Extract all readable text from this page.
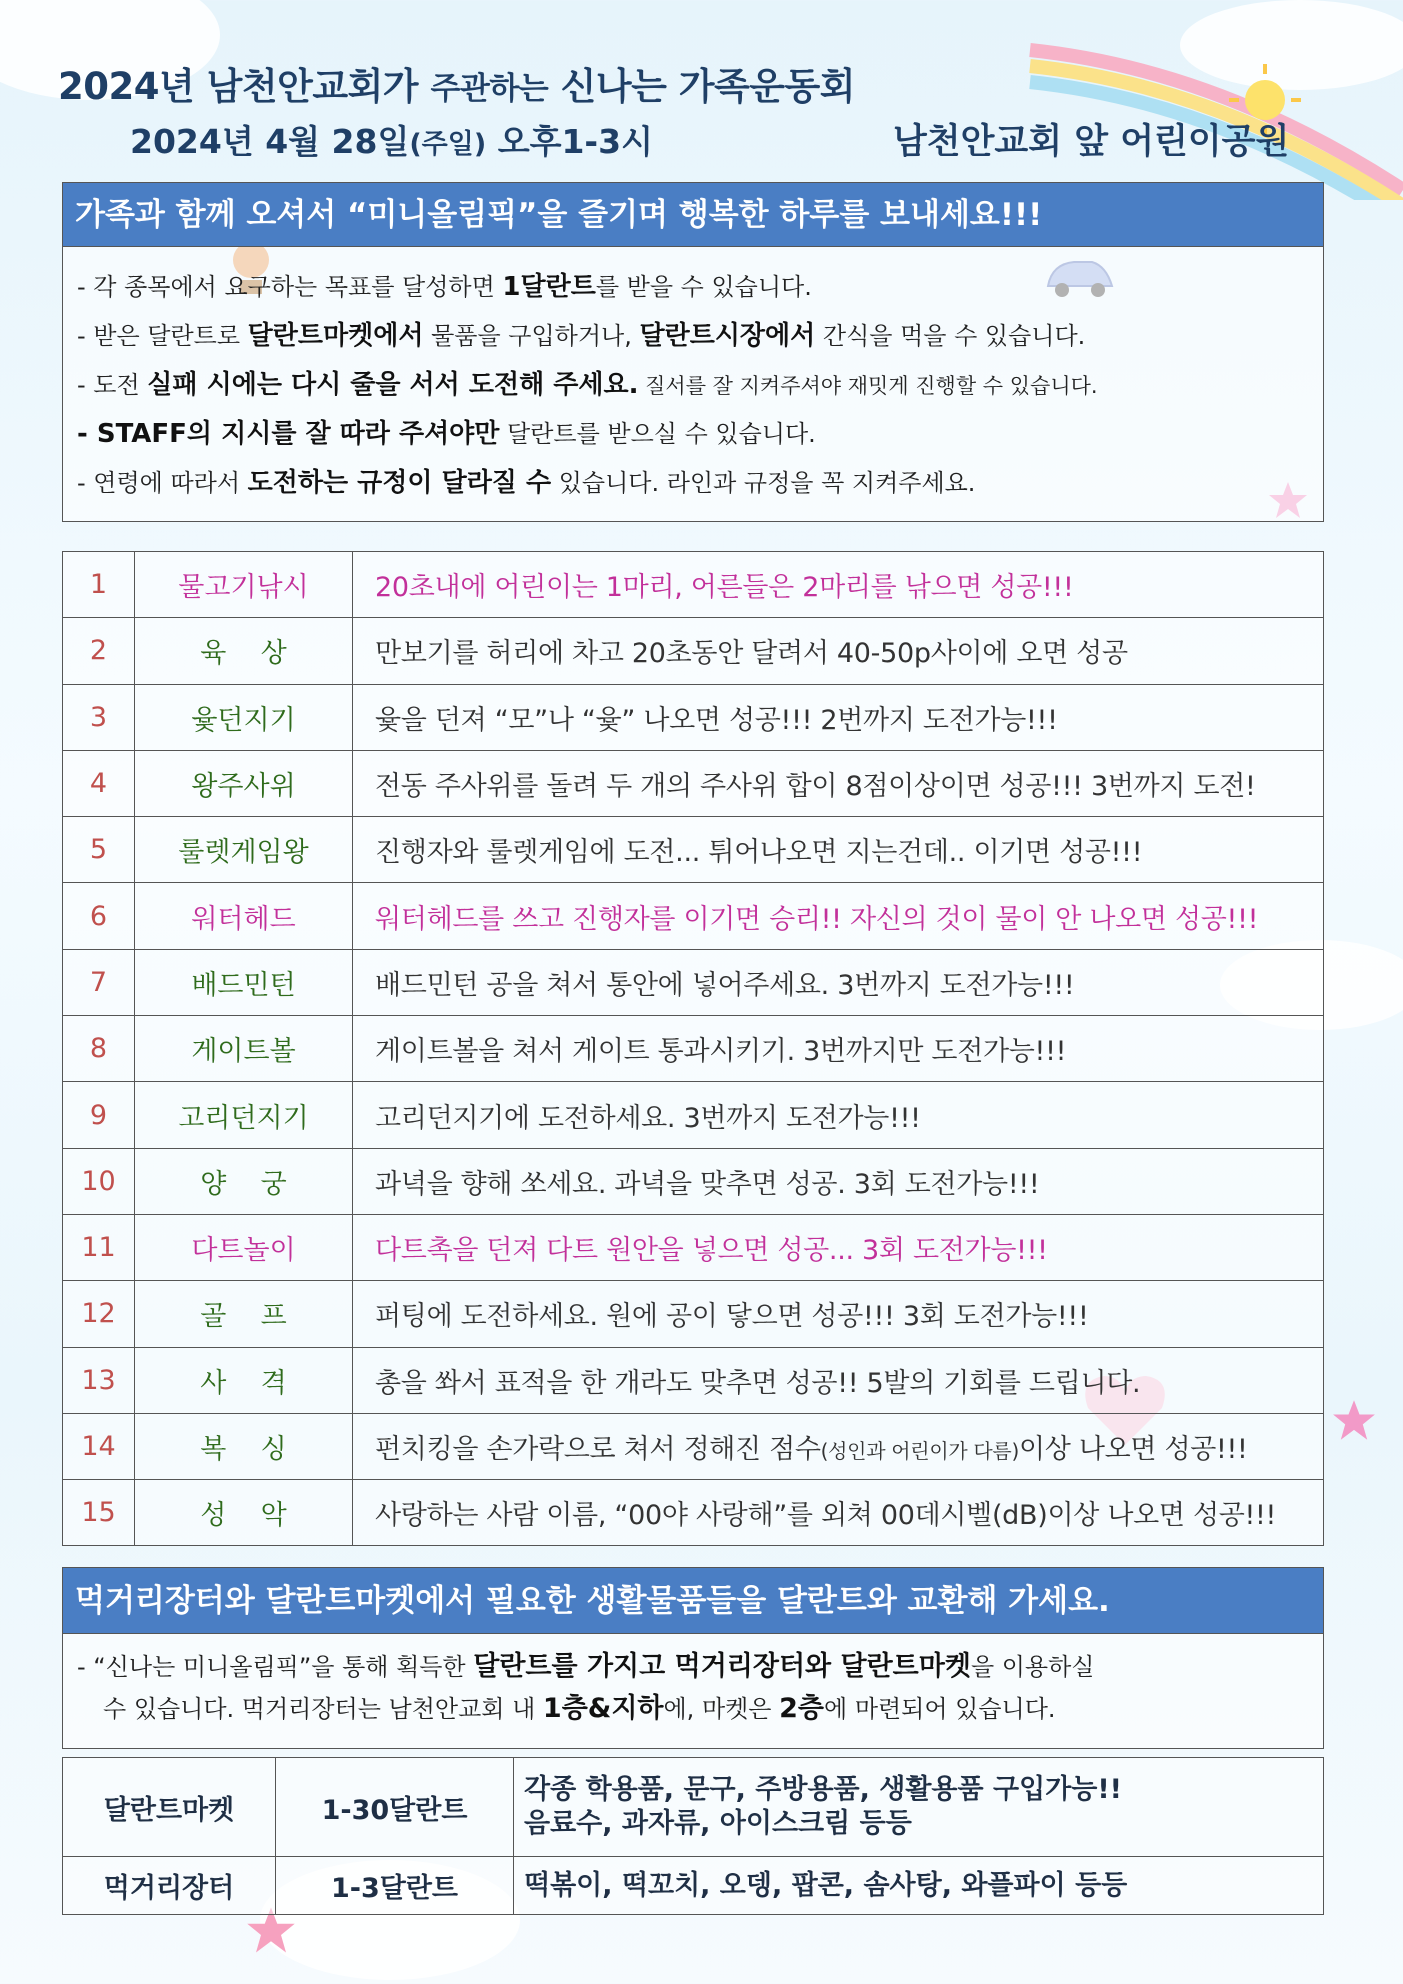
2024년 남천안교회가 주관하는 신나는 가족운동회
2024년 4월 28일(주일) 오후1-3시	남천안교회 앞 어린이공원
가족과 함께 오셔서 “미니올림픽”을 즐기며 행복한 하루를 보내세요!!!
- 각 종목에서 요구하는 목표를 달성하면 1달란트를 받을 수 있습니다.
- 받은 달란트로 달란트마켓에서 물품을 구입하거나, 달란트시장에서 간식을 먹을 수 있습니다.
- 도전 실패 시에는 다시 줄을 서서 도전해 주세요. 질서를 잘 지켜주셔야 재밋게 진행할 수 있습니다.
- STAFF의 지시를 잘 따라 주셔야만 달란트를 받으실 수 있습니다.
- 연령에 따라서 도전하는 규정이 달라질 수 있습니다. 라인과 규정을 꼭 지켜주세요.
1	물고기낚시	20초내에 어린이는 1마리, 어른들은 2마리를 낚으면 성공!!!
2	육    상	만보기를 허리에 차고 20초동안 달려서 40-50p사이에 오면 성공
3	윷던지기	윷을 던져 “모”나 “윷” 나오면 성공!!! 2번까지 도전가능!!!
4	왕주사위	전동 주사위를 돌려 두 개의 주사위 합이 8점이상이면 성공!!! 3번까지 도전!
5	룰렛게임왕	진행자와 룰렛게임에 도전... 튀어나오면 지는건데.. 이기면 성공!!!
6	워터헤드	워터헤드를 쓰고 진행자를 이기면 승리!! 자신의 것이 물이 안 나오면 성공!!!
7	배드민턴	배드민턴 공을 쳐서 통안에 넣어주세요. 3번까지 도전가능!!!
8	게이트볼	게이트볼을 쳐서 게이트 통과시키기. 3번까지만 도전가능!!!
9	고리던지기	고리던지기에 도전하세요. 3번까지 도전가능!!!
10	양    궁	과녁을 향해 쏘세요. 과녁을 맞추면 성공. 3회 도전가능!!!
11	다트놀이	다트촉을 던져 다트 원안을 넣으면 성공... 3회 도전가능!!!
12	골    프	퍼팅에 도전하세요. 원에 공이 닿으면 성공!!! 3회 도전가능!!!
13	사    격	총을 쏴서 표적을 한 개라도 맞추면 성공!! 5발의 기회를 드립니다.
14	복    싱	펀치킹을 손가락으로 쳐서 정해진 점수(성인과 어린이가 다름)이상 나오면 성공!!!
15	성    악	사랑하는 사람 이름, “00야 사랑해”를 외쳐 00데시벨(dB)이상 나오면 성공!!!
먹거리장터와 달란트마켓에서 필요한 생활물품들을 달란트와 교환해 가세요.
- “신나는 미니올림픽”을 통해 획득한 달란트를 가지고 먹거리장터와 달란트마켓을 이용하실
수 있습니다. 먹거리장터는 남천안교회 내 1층&지하에, 마켓은 2층에 마련되어 있습니다.
달란트마켓	1-30달란트	각종 학용품, 문구, 주방용품, 생활용품 구입가능!!
음료수, 과자류, 아이스크림 등등

먹거리장터	1-3달란트	떡볶이, 떡꼬치, 오뎅, 팝콘, 솜사탕, 와플파이 등등
